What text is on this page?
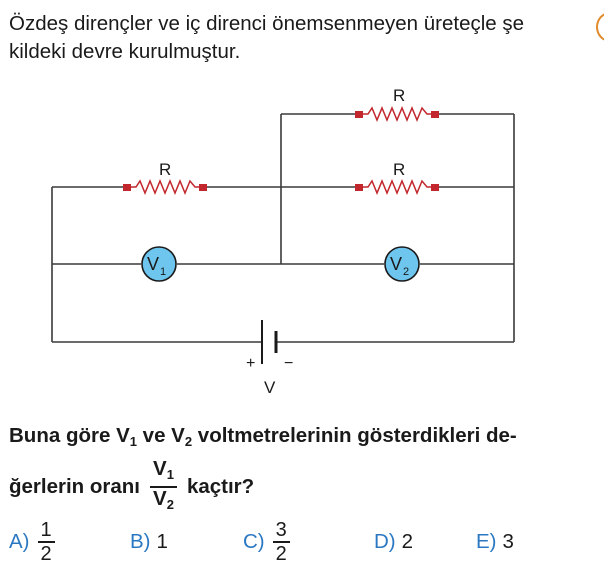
Özdeş dirençler ve iç direnci önemsenmeyen üreteçle şe
kildeki devre kurulmuştur.
+ −
V
R
R
R
V 1	V 2
Buna göre $V_1$ ve $V_2$ voltmetrelerinin gösterdikleri de-
ğerlerin oranı $\frac{V_1}{V_2}$ kaçtır?
$A) \frac{1}{2}$	B) 1	$C) \frac{3}{2}$	D) 2	E) 3
